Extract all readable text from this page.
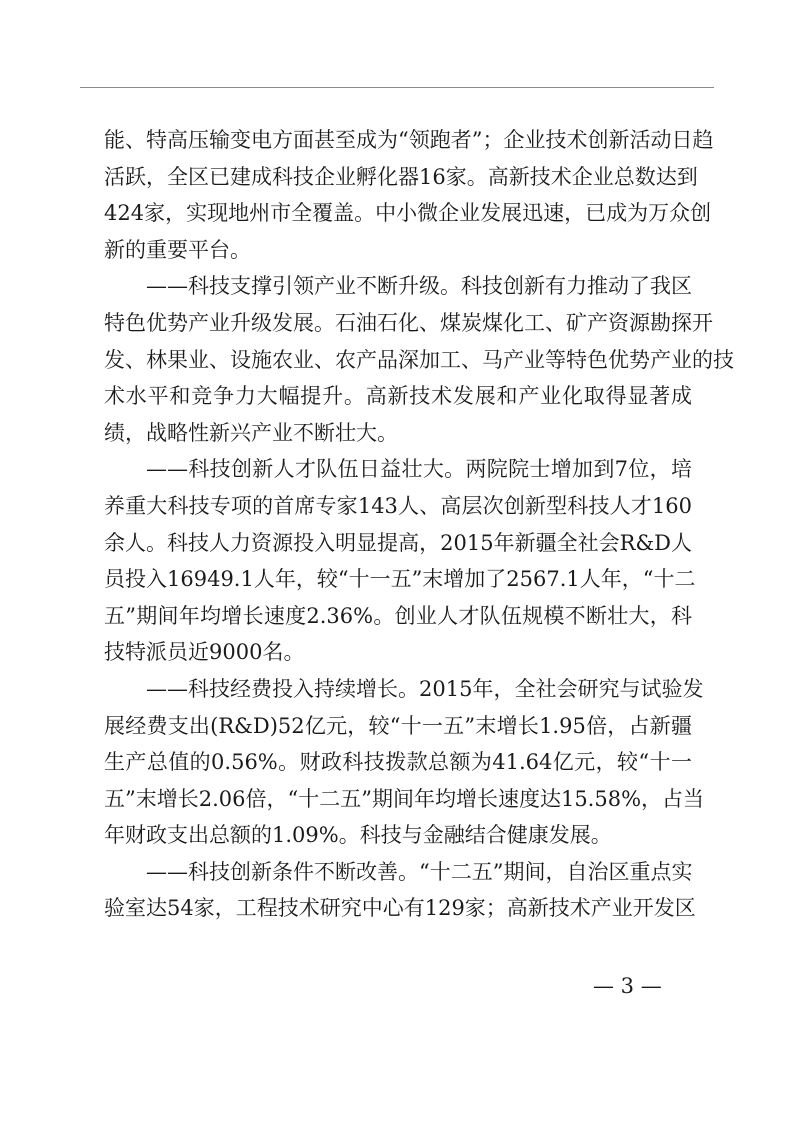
能、特高压输变电方面甚至成为“领跑者”；企业技术创新活动日趋
活跃，全区已建成科技企业孵化器16家。高新技术企业总数达到
424家，实现地州市全覆盖。中小微企业发展迅速，已成为万众创
新的重要平台。
——科技支撑引领产业不断升级。科技创新有力推动了我区
特色优势产业升级发展。石油石化、煤炭煤化工、矿产资源勘探开
发、林果业、设施农业、农产品深加工、马产业等特色优势产业的技
术水平和竞争力大幅提升。高新技术发展和产业化取得显著成
绩，战略性新兴产业不断壮大。
——科技创新人才队伍日益壮大。两院院士增加到7位，培
养重大科技专项的首席专家143人、高层次创新型科技人才160
余人。科技人力资源投入明显提高，2015年新疆全社会R&D人
员投入16949.1人年，较“十一五”末增加了2567.1人年，“十二
五”期间年均增长速度2.36%。创业人才队伍规模不断壮大，科
技特派员近9000名。
——科技经费投入持续增长。2015年，全社会研究与试验发
展经费支出(R&D)52亿元，较“十一五”末增长1.95倍，占新疆
生产总值的0.56%。财政科技拨款总额为41.64亿元，较“十一
五”末增长2.06倍，“十二五”期间年均增长速度达15.58%，占当
年财政支出总额的1.09%。科技与金融结合健康发展。
——科技创新条件不断改善。“十二五”期间，自治区重点实
验室达54家，工程技术研究中心有129家；高新技术产业开发区
— 3 —
